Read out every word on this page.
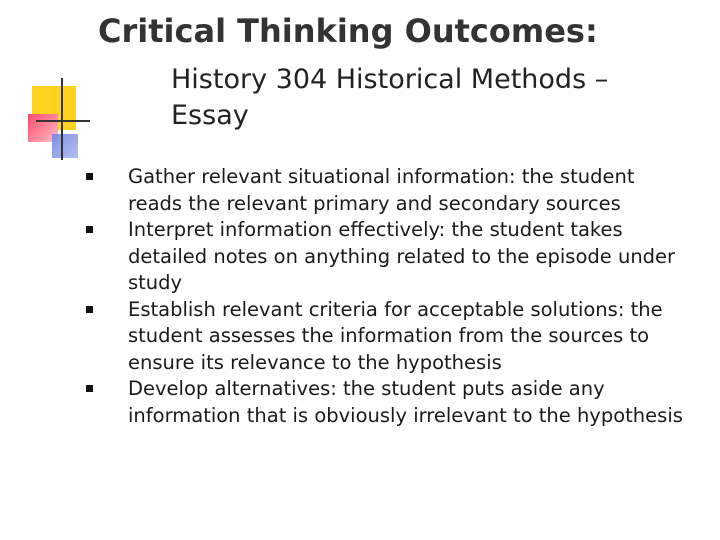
Critical Thinking Outcomes:
History 304 Historical Methods – Essay
Gather relevant situational information: the student reads the relevant primary and secondary sources
Interpret information effectively: the student takes detailed notes on anything related to the episode under study
Establish relevant criteria for acceptable solutions: the student assesses the information from the sources to ensure its relevance to the hypothesis
Develop alternatives: the student puts aside any information that is obviously irrelevant to the hypothesis
